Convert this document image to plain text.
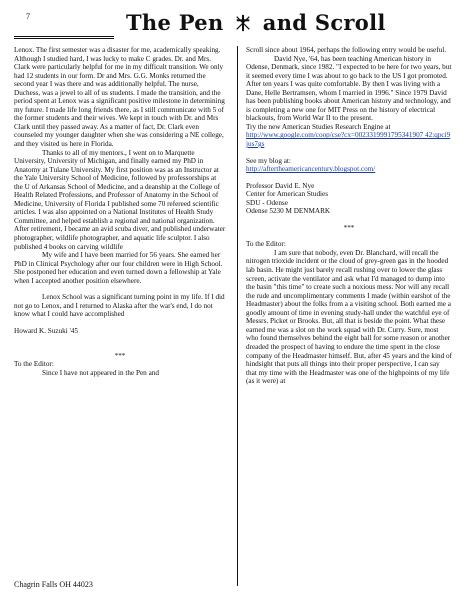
7	The Pen and Scroll

Lenox. The first semester was a disaster for me, academically speaking. Although I studied hard, I was lucky to make C grades. Dr. and Mrs. Clark were particularly helpful for me in my difficult transition. We only had 12 students in our form. Dr and Mrs. G.G. Monks returned the second year I was there and was additionally helpful. The nurse, Duchess, was a jewel to all of us students. I made the transition, and the period spent at Lenox was a significant positive milestone in determining my future. I made life long friends there, as I still communicate with 5 of the former students and their wives. We kept in touch with Dr. and Mrs Clark until they passed away. As a matter of fact, Dr. Clark even counseled my younger daughter when she was considering a NE college, and they visited us here in Florida.

Thanks to all of my mentors., I went on to Marquette University, University of Michigan, and finally earned my PhD in Anatomy at Tulane University. My first position was as an Instructor at the Yale University School of Medicine, followed by professorships at the U of Arkansas School of Medicine, and a deanship at the College of Health Related Professions, and Professor of Anatomy in the School of Medicine, University of Florida I published some 70 refereed scientific articles. I was also appointed on a National Institutes of Health Study Committee, and helped establish a regional and national organization. After retirement, I became an avid scuba diver, and published underwater photographer, wildlife photographer, and aquatic life sculptor. I also published 4 books on carving wildlife

My wife and I have been married for 56 years. She earned her PhD in Clinical Psychology after our four children were in High School. She postponed her education and even turned down a fellowship at Yale when I accepted another position elsewhere.

Lenox School was a significant turning point in my life. If I did not go to Lenox, and I returned to Alaska after the war's end, I do not know what I could have accomplished

Howard K. Suzuki '45

***

To the Editor:

Since I have not appeared in the Pen and

Scroll since about 1964, perhaps the following entry would be useful.

David Nye, '64, has been teaching American history in Odense, Denmark, since 1982. "I expected to be here for two years, but it seemed every time I was about to go back to the US I got promoted. After ten years I was quite comfortable. By then I was living with a Dane, Helle Bertramsen, whom I married in 1996." Since 1979 David has been publishing books about American history and technology, and is completing a new one for MIT Press on the history of electrical blackouts, from World War II to the present.

Try the new American Studies Research Engine at

http://www.google.com/coop/cse?cx=0023319991795341907 42:qpci9jus7gs

See my blog at:

http://aftertheamericancentury.blogspot.com/

Professor David E. Nye

Center for American Studies

SDU - Odense

Odense 5230 M DENMARK

***

To the Editor:

I am sure that nobody, even Dr. Blanchard, will recall the nitrogen trioxide incident or the cloud of grey-green gas in the hooded lab basin. He might just barely recall rushing over to lower the glass screen, activate the ventilator and ask what I'd managed to dump into the basin "this time" to create such a noxious mess. Nor will any recall the rude and uncomplimentary comments I made (within earshot of the Headmaster) about the folks from a a visiting school. Both earned me a goodly amount of time in evening study-hall under the watchful eye of Messrs. Picket or Brooks. But, all that is beside the point. What these earned me was a slot on the work squad with Dr. Curry. Sure, most who found themselves behind the eight ball for some reason or another dreaded the prospect of having to endure the time spent in the close company of the Headmaster himself. But, after 45 years and the kind of hindsight that puts all things into their proper perspective, I can say that my time with the Headmaster was one of the highpoints of my life (as it were) at

Chagrin Falls OH 44023
